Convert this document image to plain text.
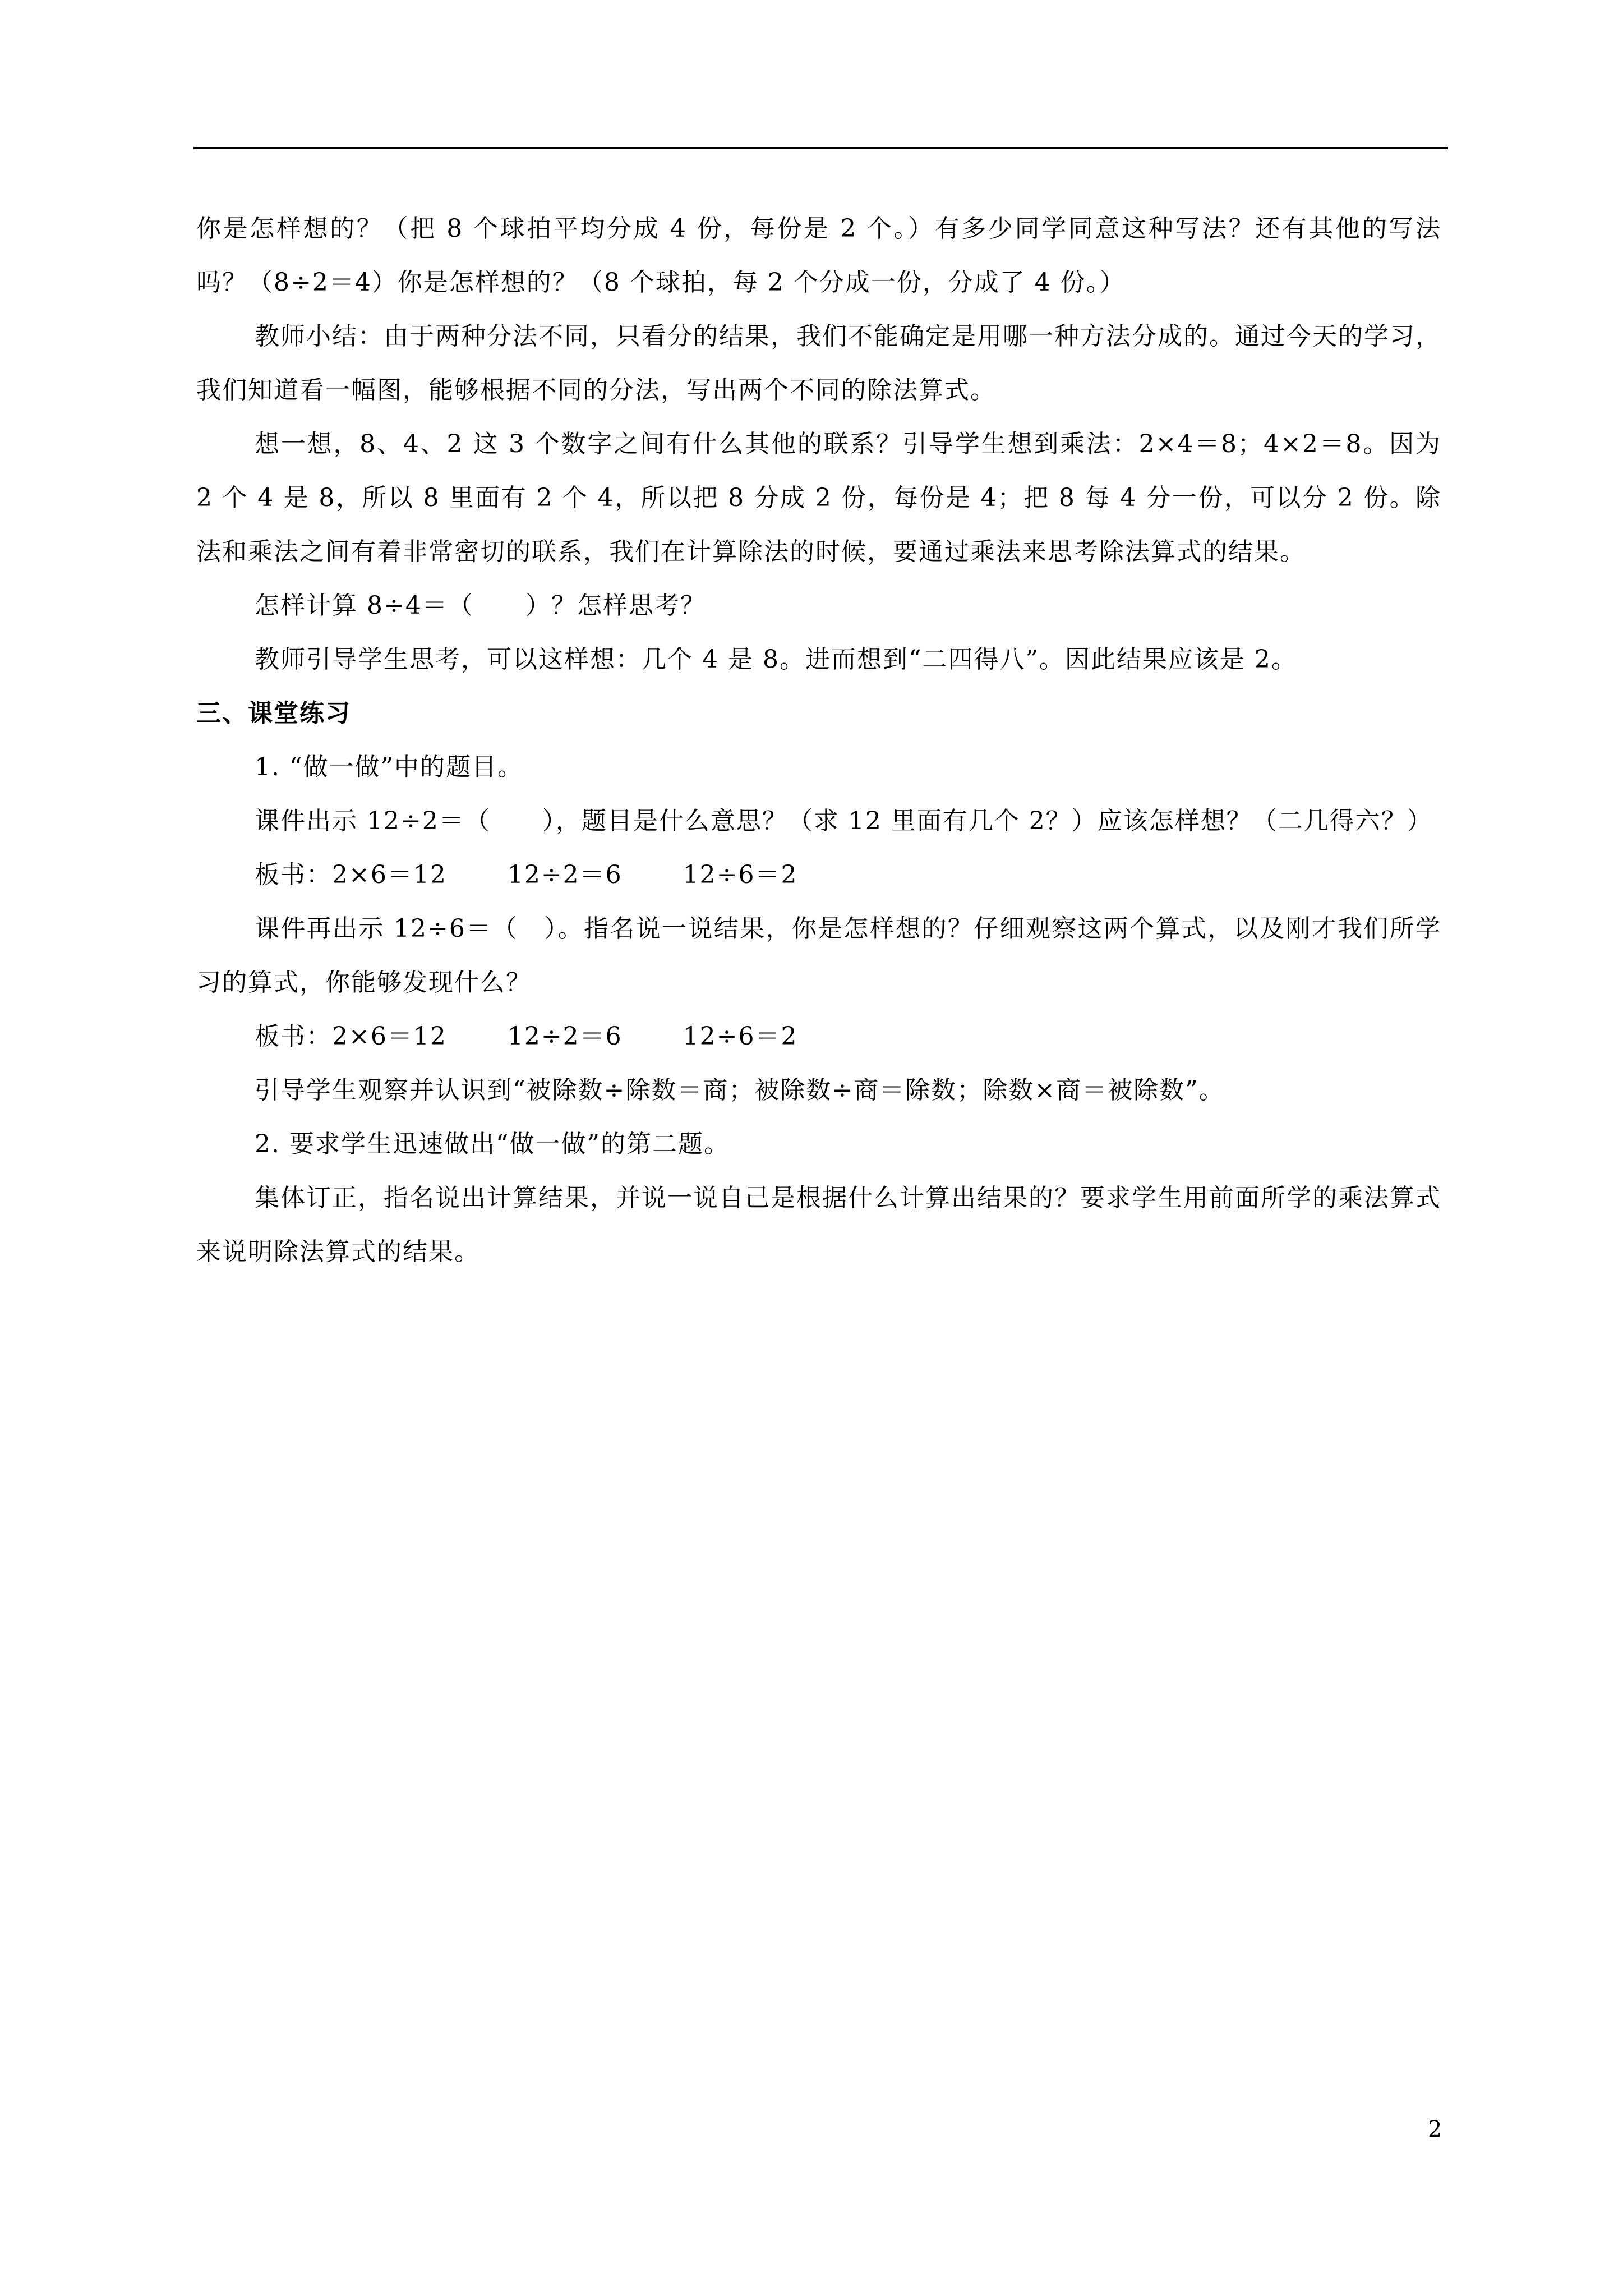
你是怎样想的？（把 8 个球拍平均分成 4 份，每份是 2 个。）有多少同学同意这种写法？还有其他的写法吗？（8÷2＝4）你是怎样想的？（8 个球拍，每 2 个分成一份，分成了 4 份。）

教师小结：由于两种分法不同，只看分的结果，我们不能确定是用哪一种方法分成的。通过今天的学习，我们知道看一幅图，能够根据不同的分法，写出两个不同的除法算式。

想一想，8、4、2 这 3 个数字之间有什么其他的联系？引导学生想到乘法：2×4＝8；4×2＝8。因为 2 个 4 是 8，所以 8 里面有 2 个 4，所以把 8 分成 2 份，每份是 4；把 8 每 4 分一份，可以分 2 份。除法和乘法之间有着非常密切的联系，我们在计算除法的时候，要通过乘法来思考除法算式的结果。

怎样计算 8÷4＝（　　）？怎样思考？

教师引导学生思考，可以这样想：几个 4 是 8。进而想到“二四得八”。因此结果应该是 2。

三、课堂练习

1. “做一做”中的题目。

课件出示 12÷2＝（　　），题目是什么意思？（求 12 里面有几个 2？）应该怎样想？（二几得六？）

板书：2×6＝12　　 12÷2＝6　　 12÷6＝2

课件再出示 12÷6＝（　）。指名说一说结果，你是怎样想的？仔细观察这两个算式，以及刚才我们所学习的算式，你能够发现什么？

板书：2×6＝12　　 12÷2＝6　　 12÷6＝2

引导学生观察并认识到“被除数÷除数＝商；被除数÷商＝除数；除数×商＝被除数”。

2. 要求学生迅速做出“做一做”的第二题。

集体订正，指名说出计算结果，并说一说自己是根据什么计算出结果的？要求学生用前面所学的乘法算式来说明除法算式的结果。

2
